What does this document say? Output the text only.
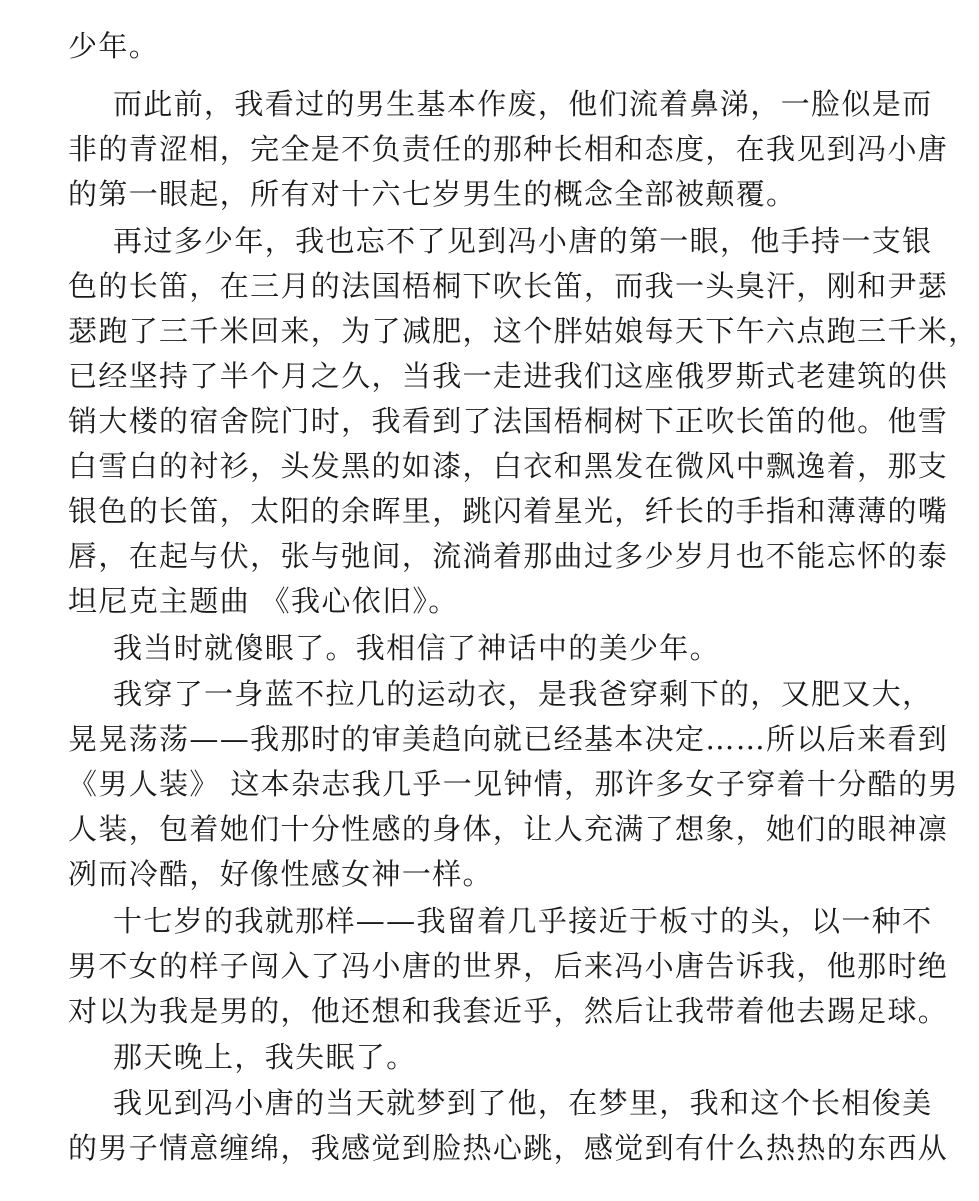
少年。
而此前，我看过的男生基本作废，他们流着鼻涕，一脸似是而
非的青涩相，完全是不负责任的那种长相和态度，在我见到冯小唐
的第一眼起，所有对十六七岁男生的概念全部被颠覆。
再过多少年，我也忘不了见到冯小唐的第一眼，他手持一支银
色的长笛，在三月的法国梧桐下吹长笛，而我一头臭汗，刚和尹瑟
瑟跑了三千米回来，为了减肥，这个胖姑娘每天下午六点跑三千米，
已经坚持了半个月之久，当我一走进我们这座俄罗斯式老建筑的供
销大楼的宿舍院门时，我看到了法国梧桐树下正吹长笛的他。他雪
白雪白的衬衫，头发黑的如漆，白衣和黑发在微风中飘逸着，那支
银色的长笛，太阳的余晖里，跳闪着星光，纤长的手指和薄薄的嘴
唇，在起与伏，张与弛间，流淌着那曲过多少岁月也不能忘怀的泰
坦尼克主题曲 《我心依旧》。
我当时就傻眼了。我相信了神话中的美少年。
我穿了一身蓝不拉几的运动衣，是我爸穿剩下的，又肥又大，
晃晃荡荡——我那时的审美趋向就已经基本决定……所以后来看到
《男人装》 这本杂志我几乎一见钟情，那许多女子穿着十分酷的男
人装，包着她们十分性感的身体，让人充满了想象，她们的眼神凛
冽而冷酷，好像性感女神一样。
十七岁的我就那样——我留着几乎接近于板寸的头，以一种不
男不女的样子闯入了冯小唐的世界，后来冯小唐告诉我，他那时绝
对以为我是男的，他还想和我套近乎，然后让我带着他去踢足球。
那天晚上，我失眠了。
我见到冯小唐的当天就梦到了他，在梦里，我和这个长相俊美
的男子情意缠绵，我感觉到脸热心跳，感觉到有什么热热的东西从
